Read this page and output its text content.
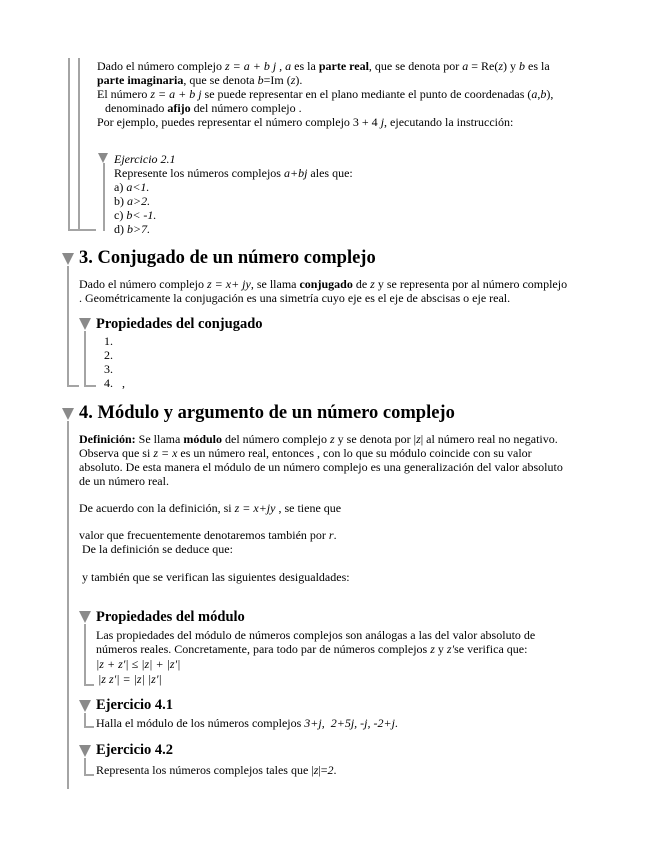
Dado el número complejo z = a + b j , a es la parte real, que se denota por a = Re(z) y b es la
parte imaginaria, que se denota b=Im (z).
El número z = a + b j se puede representar en el plano mediante el punto de coordenadas (a,b),
denominado afijo del número complejo .
Por ejemplo, puedes representar el número complejo 3 + 4 j, ejecutando la instrucción:
Ejercicio 2.1
Represente los números complejos a+bj ales que:
a) a<1.
b) a>2.
c) b< -1.
d) b>7.
3. Conjugado de un número complejo
Dado el número complejo z = x+ jy, se llama conjugado de z y se representa por al número complejo
. Geométricamente la conjugación es una simetría cuyo eje es el eje de abscisas o eje real.
Propiedades del conjugado
1.
2.
3.
4.   ,
4. Módulo y argumento de un número complejo
Definición: Se llama módulo del número complejo z y se denota por |z| al número real no negativo.
Observa que si z = x es un número real, entonces , con lo que su módulo coincide con su valor
absoluto. De esta manera el módulo de un número complejo es una generalización del valor absoluto
de un número real.
De acuerdo con la definición, si z = x+jy , se tiene que
valor que frecuentemente denotaremos también por r.
De la definición se deduce que:
y también que se verifican las siguientes desigualdades:
Propiedades del módulo
Las propiedades del módulo de números complejos son análogas a las del valor absoluto de
números reales. Concretamente, para todo par de números complejos z y z'se verifica que:
|z + z'| ≤ |z| + |z'|
|z z'| = |z| |z'|
Ejercicio 4.1
Halla el módulo de los números complejos 3+j,  2+5j, -j, -2+j.
Ejercicio 4.2
Representa los números complejos tales que |z|=2.
